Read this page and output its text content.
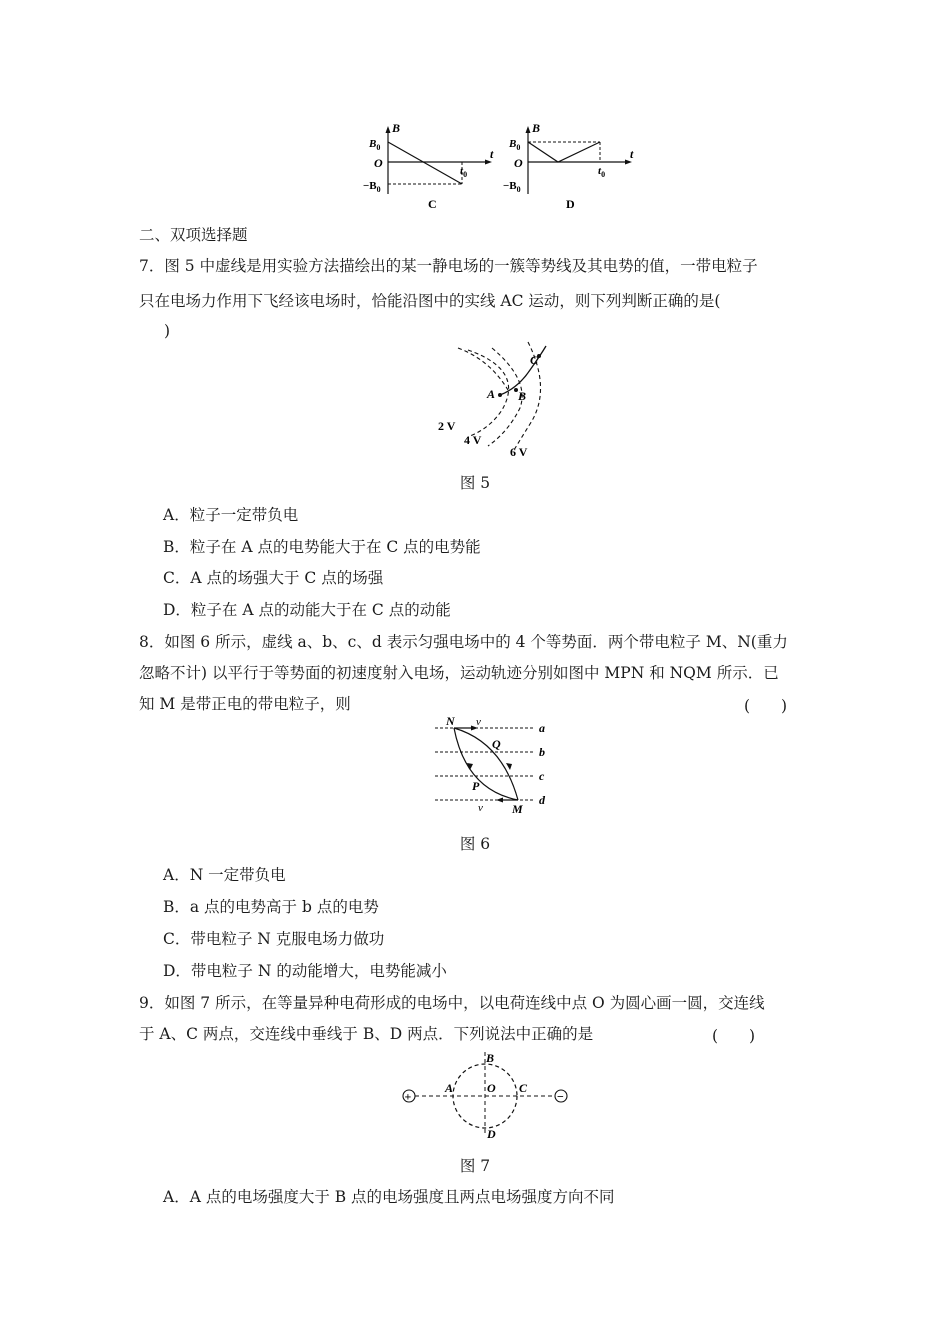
B
$B_0$
O
t
$t_0$
$-B_0$
C
B
$B_0$
O
t
$t_0$
$-B_0$
D
二、双项选择题
7．图 5 中虚线是用实验方法描绘出的某一静电场的一簇等势线及其电势的值，一带电粒子
只在电场力作用下飞经该电场时，恰能沿图中的实线 AC 运动，则下列判断正确的是(
)
A B
C
2 V
4 V
6 V
图 5
A．粒子一定带负电
B．粒子在 A 点的电势能大于在 C 点的电势能
C．A 点的场强大于 C 点的场强
D．粒子在 A 点的动能大于在 C 点的动能
8．如图 6 所示，虚线 a、b、c、d 表示匀强电场中的 4 个等势面．两个带电粒子 M、N(重力
忽略不计) 以平行于等势面的初速度射入电场，运动轨迹分别如图中 MPN 和 NQM 所示．已
知 M 是带正电的带电粒子，则	(　　)
N v
Q
P
M
v
a
b
c
d
图 6
A．N 一定带负电
B．a 点的电势高于 b 点的电势
C．带电粒子 N 克服电场力做功
D．带电粒子 N 的动能增大，电势能减小
9．如图 7 所示，在等量异种电荷形成的电场中，以电荷连线中点 O 为圆心画一圆，交连线
于 A、C 两点，交连线中垂线于 B、D 两点．下列说法中正确的是	(　　)
+	−
A	O C
B
D
图 7
A．A 点的电场强度大于 B 点的电场强度且两点电场强度方向不同
